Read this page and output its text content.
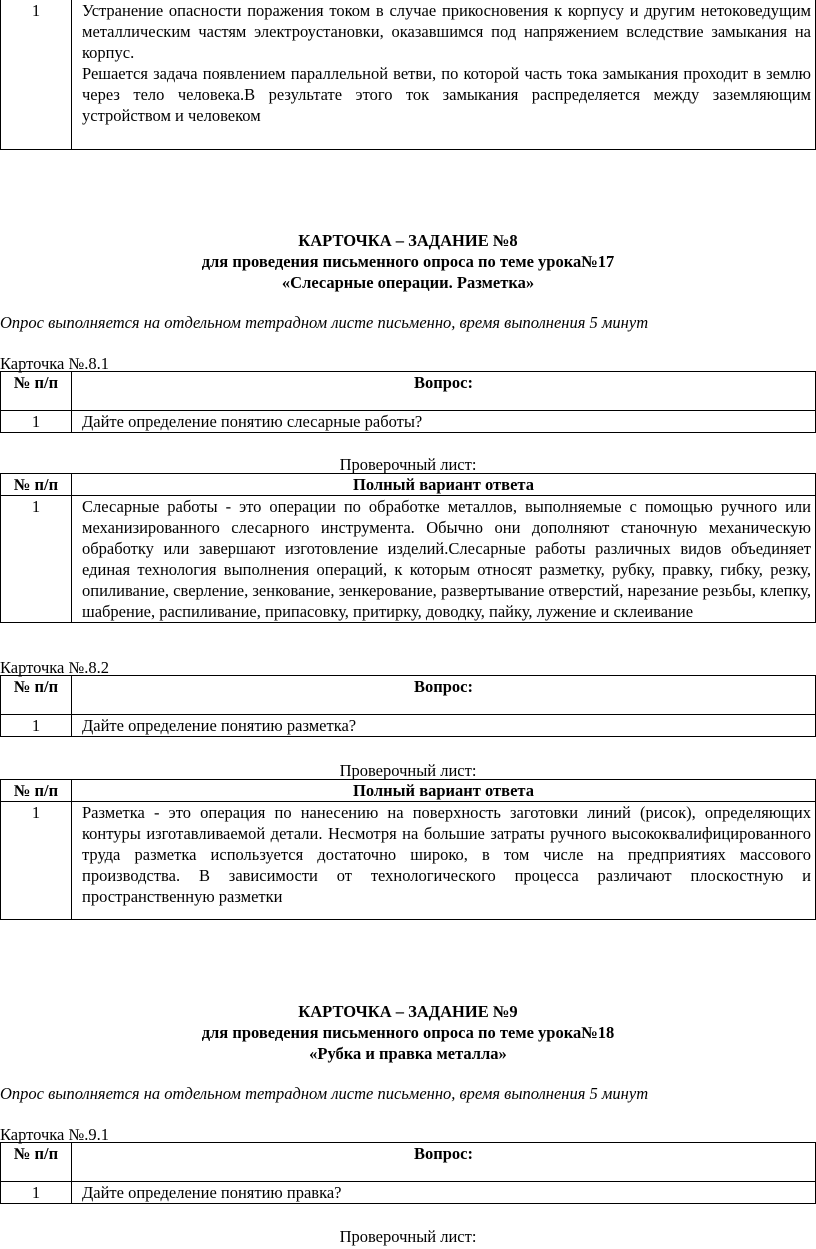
1	Устранение опасности поражения током в случае прикосновения к корпусу и другим нетоковедущим металлическим частям электроустановки, оказавшимся под напряжением вследствие замыкания на корпус.

Решается задача появлением параллельной ветви, по которой часть тока замыкания проходит в землю через тело человека.В результате этого ток замыкания распределяется между заземляющим устройством и человеком

КАРТОЧКА – ЗАДАНИЕ №8
для проведения письменного опроса по теме урока№17
«Слесарные операции. Разметка»
Опрос выполняется на отдельном тетрадном листе письменно, время выполнения 5 минут
Карточка №.8.1
№ п/п	Вопрос:
1	Дайте определение понятию слесарные работы?
Проверочный лист:
№ п/п	Полный вариант ответа
1	Слесарные работы - это операции по обработке металлов, выполняемые с помощью ручного или механизированного слесарного инструмента. Обычно они дополняют станочную механическую обработку или завершают изготовление изделий.Слесарные работы различных видов объединяет единая технология выполнения операций, к которым относят разметку, рубку, правку, гибку, резку, опиливание, сверление, зенкование, зенкерование, развертывание отверстий, нарезание резьбы, клепку, шабрение, распиливание, припасовку, притирку, доводку, пайку, лужение и склеивание
Карточка №.8.2
№ п/п	Вопрос:
1	Дайте определение понятию разметка?
Проверочный лист:
№ п/п	Полный вариант ответа
1	Разметка - это операция по нанесению на поверхность заготовки линий (рисок), определяющих контуры изготавливаемой детали. Несмотря на большие затраты ручного высококвалифицированного труда разметка используется достаточно широко, в том числе на предприятиях массового производства. В зависимости от технологического процесса различают плоскостную и пространственную разметки
КАРТОЧКА – ЗАДАНИЕ №9
для проведения письменного опроса по теме урока№18
«Рубка и правка металла»
Опрос выполняется на отдельном тетрадном листе письменно, время выполнения 5 минут
Карточка №.9.1
№ п/п	Вопрос:
1	Дайте определение понятию правка?
Проверочный лист:
